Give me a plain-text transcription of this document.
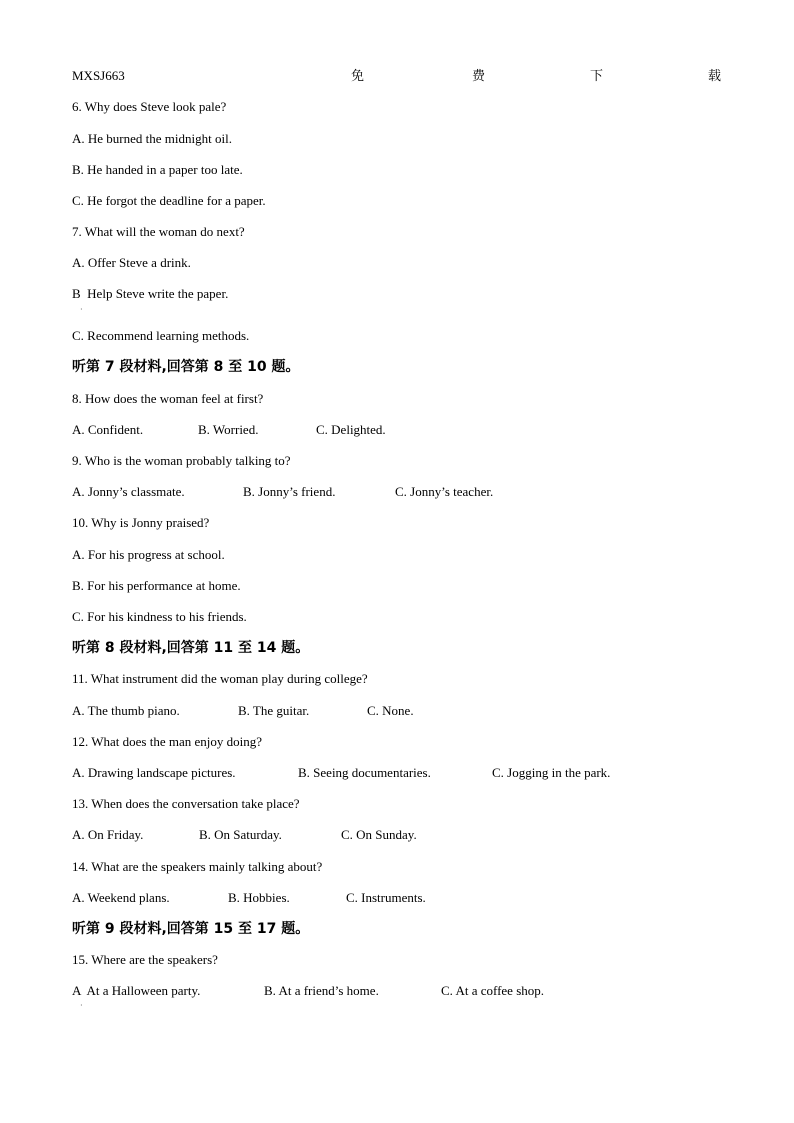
MXSJ663	免	费	下	载
6. Why does Steve look pale?
A. He burned the midnight oil.
B. He handed in a paper too late.
C. He forgot the deadline for a paper.
7. What will the woman do next?
A. Offer Steve a drink.
B  Help Steve write the paper.
·
C. Recommend learning methods.
听第 7 段材料,回答第 8 至 10 题。
8. How does the woman feel at first?
A. Confident.	B. Worried.	C. Delighted.
9. Who is the woman probably talking to?
A. Jonny’s classmate.	B. Jonny’s friend.	C. Jonny’s teacher.
10. Why is Jonny praised?
A. For his progress at school.
B. For his performance at home.
C. For his kindness to his friends.
听第 8 段材料,回答第 11 至 14 题。
11. What instrument did the woman play during college?
A. The thumb piano.	B. The guitar.	C. None.
12. What does the man enjoy doing?
A. Drawing landscape pictures.	B. Seeing documentaries.	C. Jogging in the park.
13. When does the conversation take place?
A. On Friday.	B. On Saturday.	C. On Sunday.
14. What are the speakers mainly talking about?
A. Weekend plans.	B. Hobbies.	C. Instruments.
听第 9 段材料,回答第 15 至 17 题。
15. Where are the speakers?
A  At a Halloween party.	B. At a friend’s home.	C. At a coffee shop.
·
